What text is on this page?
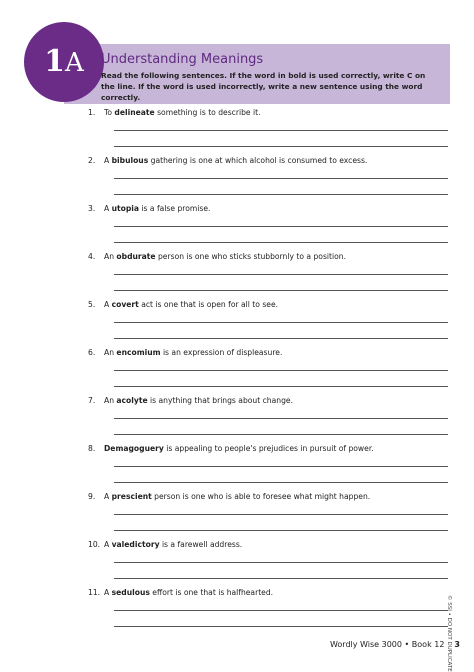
1A	Understanding Meanings

Read the following sentences. If the word in bold is used correctly, write C on the line. If the word is used incorrectly, write a new sentence using the word correctly.

1. To delineate something is to describe it.
2. A bibulous gathering is one at which alcohol is consumed to excess.
3. A utopia is a false promise.
4. An obdurate person is one who sticks stubbornly to a position.
5. A covert act is one that is open for all to see.
6. An encomium is an expression of displeasure.
7. An acolyte is anything that brings about change.
8. Demagoguery is appealing to people's prejudices in pursuit of power.
9. A prescient person is one who is able to foresee what might happen.
10. A valedictory is a farewell address.
11. A sedulous effort is one that is halfhearted.
Wordly Wise 3000 • Book 12 3
© SSI • DO NOT DUPLICATE
